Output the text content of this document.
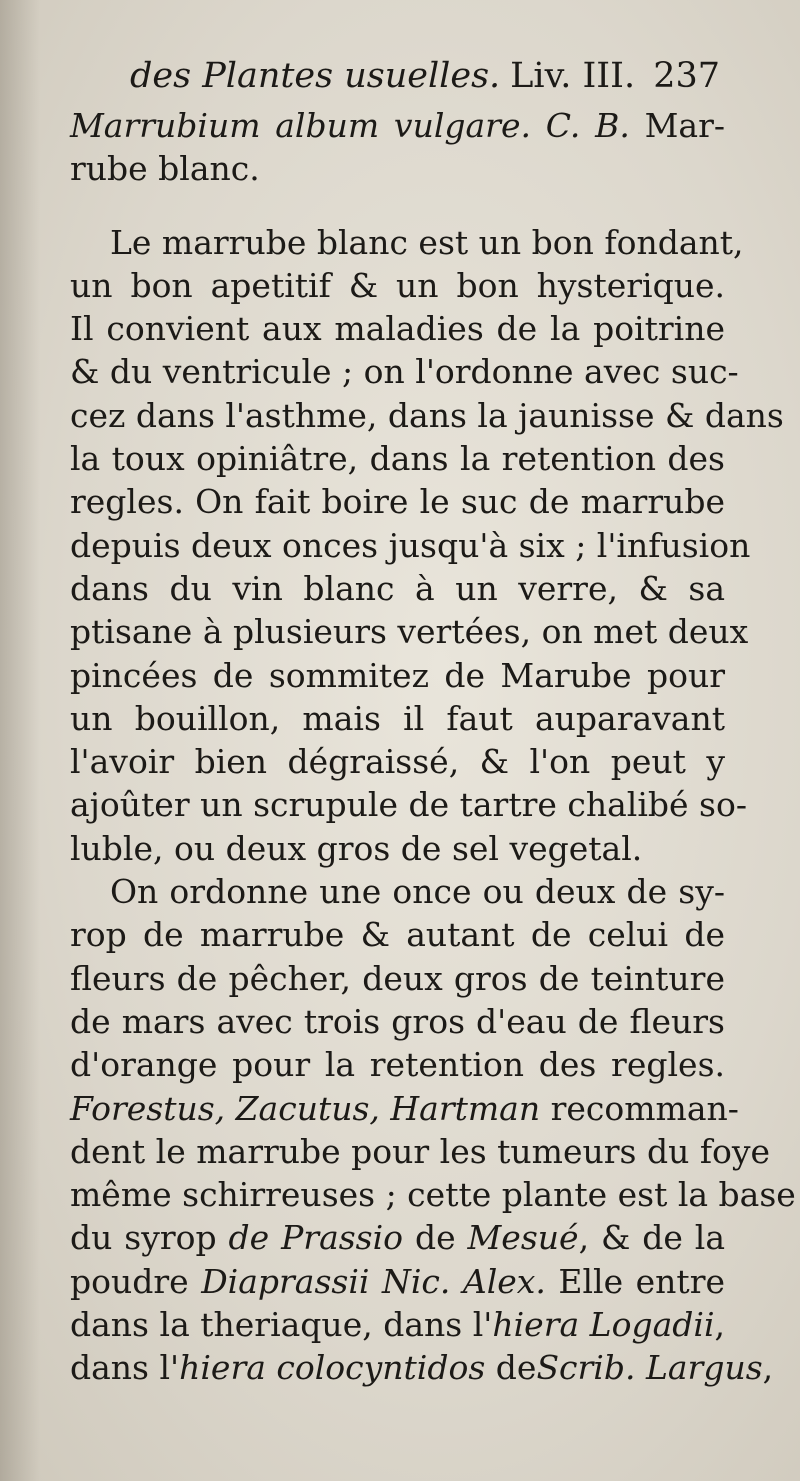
des Plantes usuelles. Liv. III. 237
Marrubium album vulgare. C. B. Mar-
rube blanc.
Le marrube blanc est un bon fondant,
un bon apetitif & un bon hysterique.
Il convient aux maladies de la poitrine
& du ventricule ; on l'ordonne avec suc-
cez dans l'asthme, dans la jaunisse & dans
la toux opiniâtre, dans la retention des
regles. On fait boire le suc de marrube
depuis deux onces jusqu'à six ; l'infusion
dans du vin blanc à un verre, & sa
ptisane à plusieurs vertées, on met deux
pincées de sommitez de Marube pour
un bouillon, mais il faut auparavant
l'avoir bien dégraissé, & l'on peut y
ajoûter un scrupule de tartre chalibé so-
luble, ou deux gros de sel vegetal.
On ordonne une once ou deux de sy-
rop de marrube & autant de celui de
fleurs de pêcher, deux gros de teinture
de mars avec trois gros d'eau de fleurs
d'orange pour la retention des regles.
Forestus, Zacutus, Hartman recomman-
dent le marrube pour les tumeurs du foye
même schirreuses ; cette plante est la base
du syrop de Prassio de Mesué, & de la
poudre Diaprassii Nic. Alex. Elle entre
dans la theriaque, dans l'hiera Logadii,
dans l'hiera colocyntidos deScrib. Largus,
